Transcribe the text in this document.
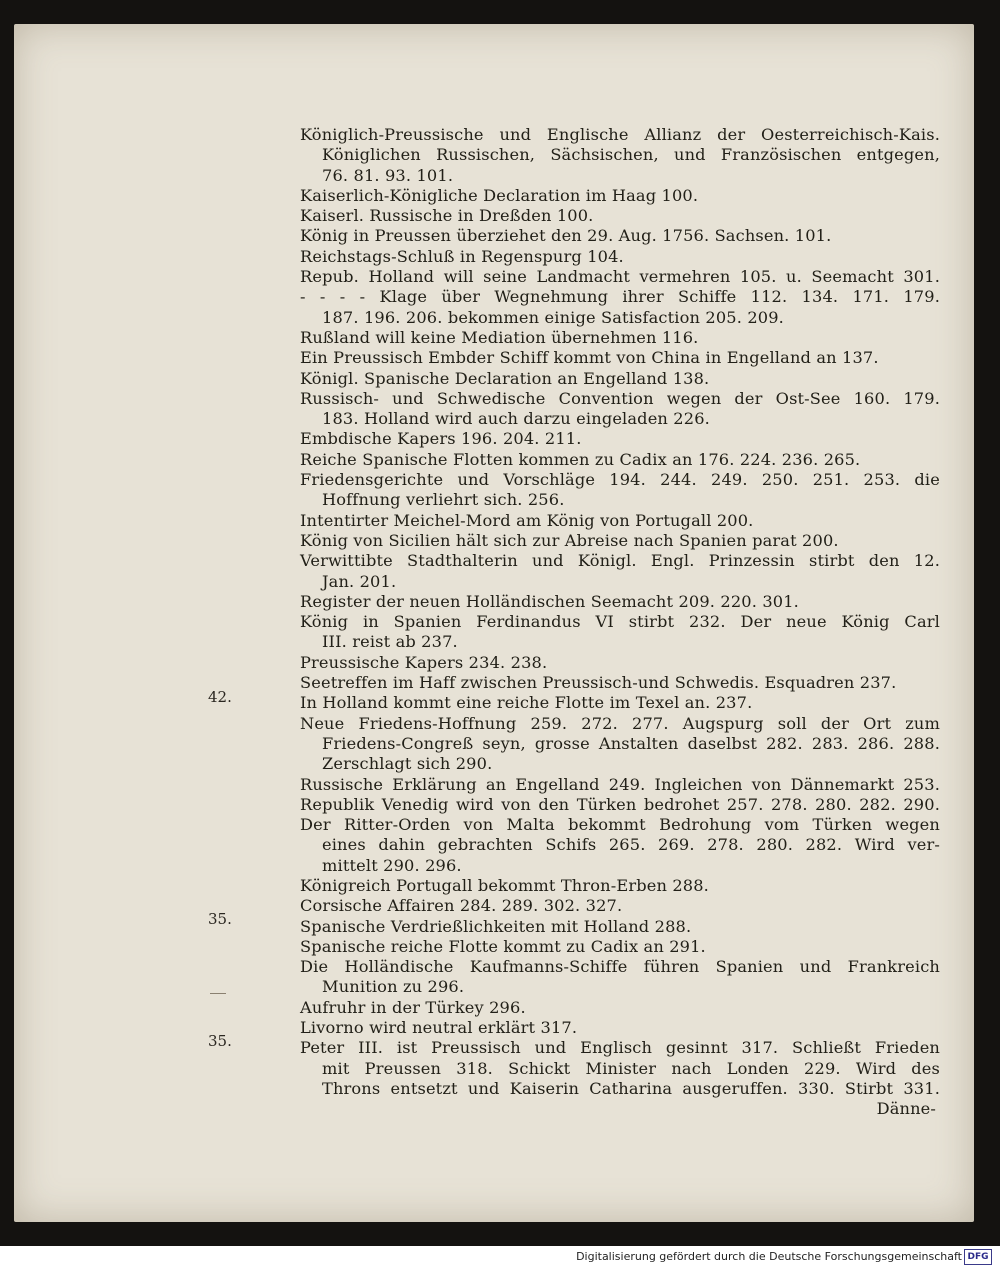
Königlich-Preussische und Englische Allianz der Oesterreichisch-Kais.
Königlichen Russischen, Sächsischen, und Französischen entgegen,
76. 81. 93. 101.
Kaiserlich-Königliche Declaration im Haag 100.
Kaiserl. Russische in Dreßden 100.
König in Preussen überziehet den 29. Aug. 1756. Sachsen. 101.
Reichstags-Schluß in Regenspurg 104.
Repub. Holland will seine Landmacht vermehren 105. u. Seemacht 301.
- - - - Klage über Wegnehmung ihrer Schiffe 112. 134. 171. 179.
187. 196. 206. bekommen einige Satisfaction 205. 209.
Rußland will keine Mediation übernehmen 116.
Ein Preussisch Embder Schiff kommt von China in Engelland an 137.
Königl. Spanische Declaration an Engelland 138.
Russisch- und Schwedische Convention wegen der Ost-See 160. 179.
183. Holland wird auch darzu eingeladen 226.
Embdische Kapers 196. 204. 211.
Reiche Spanische Flotten kommen zu Cadix an 176. 224. 236. 265.
Friedensgerichte und Vorschläge 194. 244. 249. 250. 251. 253. die
Hoffnung verliehrt sich. 256.
Intentirter Meichel-Mord am König von Portugall 200.
König von Sicilien hält sich zur Abreise nach Spanien parat 200.
Verwittibte Stadthalterin und Königl. Engl. Prinzessin stirbt den 12.
Jan. 201.
Register der neuen Holländischen Seemacht 209. 220. 301.
König in Spanien Ferdinandus VI stirbt 232. Der neue König Carl
III. reist ab 237.
Preussische Kapers 234. 238.
Seetreffen im Haff zwischen Preussisch-und Schwedis. Esquadren 237.
In Holland kommt eine reiche Flotte im Texel an. 237.
Neue Friedens-Hoffnung 259. 272. 277. Augspurg soll der Ort zum
Friedens-Congreß seyn, grosse Anstalten daselbst 282. 283. 286. 288.
Zerschlagt sich 290.
Russische Erklärung an Engelland 249. Ingleichen von Dännemarkt 253.
Republik Venedig wird von den Türken bedrohet 257. 278. 280. 282. 290.
Der Ritter-Orden von Malta bekommt Bedrohung vom Türken wegen
eines dahin gebrachten Schifs 265. 269. 278. 280. 282. Wird ver-
mittelt 290. 296.
Königreich Portugall bekommt Thron-Erben 288.
Corsische Affairen 284. 289. 302. 327.
Spanische Verdrießlichkeiten mit Holland 288.
Spanische reiche Flotte kommt zu Cadix an 291.
Die Holländische Kaufmanns-Schiffe führen Spanien und Frankreich
Munition zu 296.
Aufruhr in der Türkey 296.
Livorno wird neutral erklärt 317.
Peter III. ist Preussisch und Englisch gesinnt 317. Schließt Frieden
mit Preussen 318. Schickt Minister nach Londen 229. Wird des
Throns entsetzt und Kaiserin Catharina ausgeruffen. 330. Stirbt 331.
Dänne-
42.
35.
35.
Digitalisierung gefördert durch die Deutsche Forschungsgemeinschaft DFG
